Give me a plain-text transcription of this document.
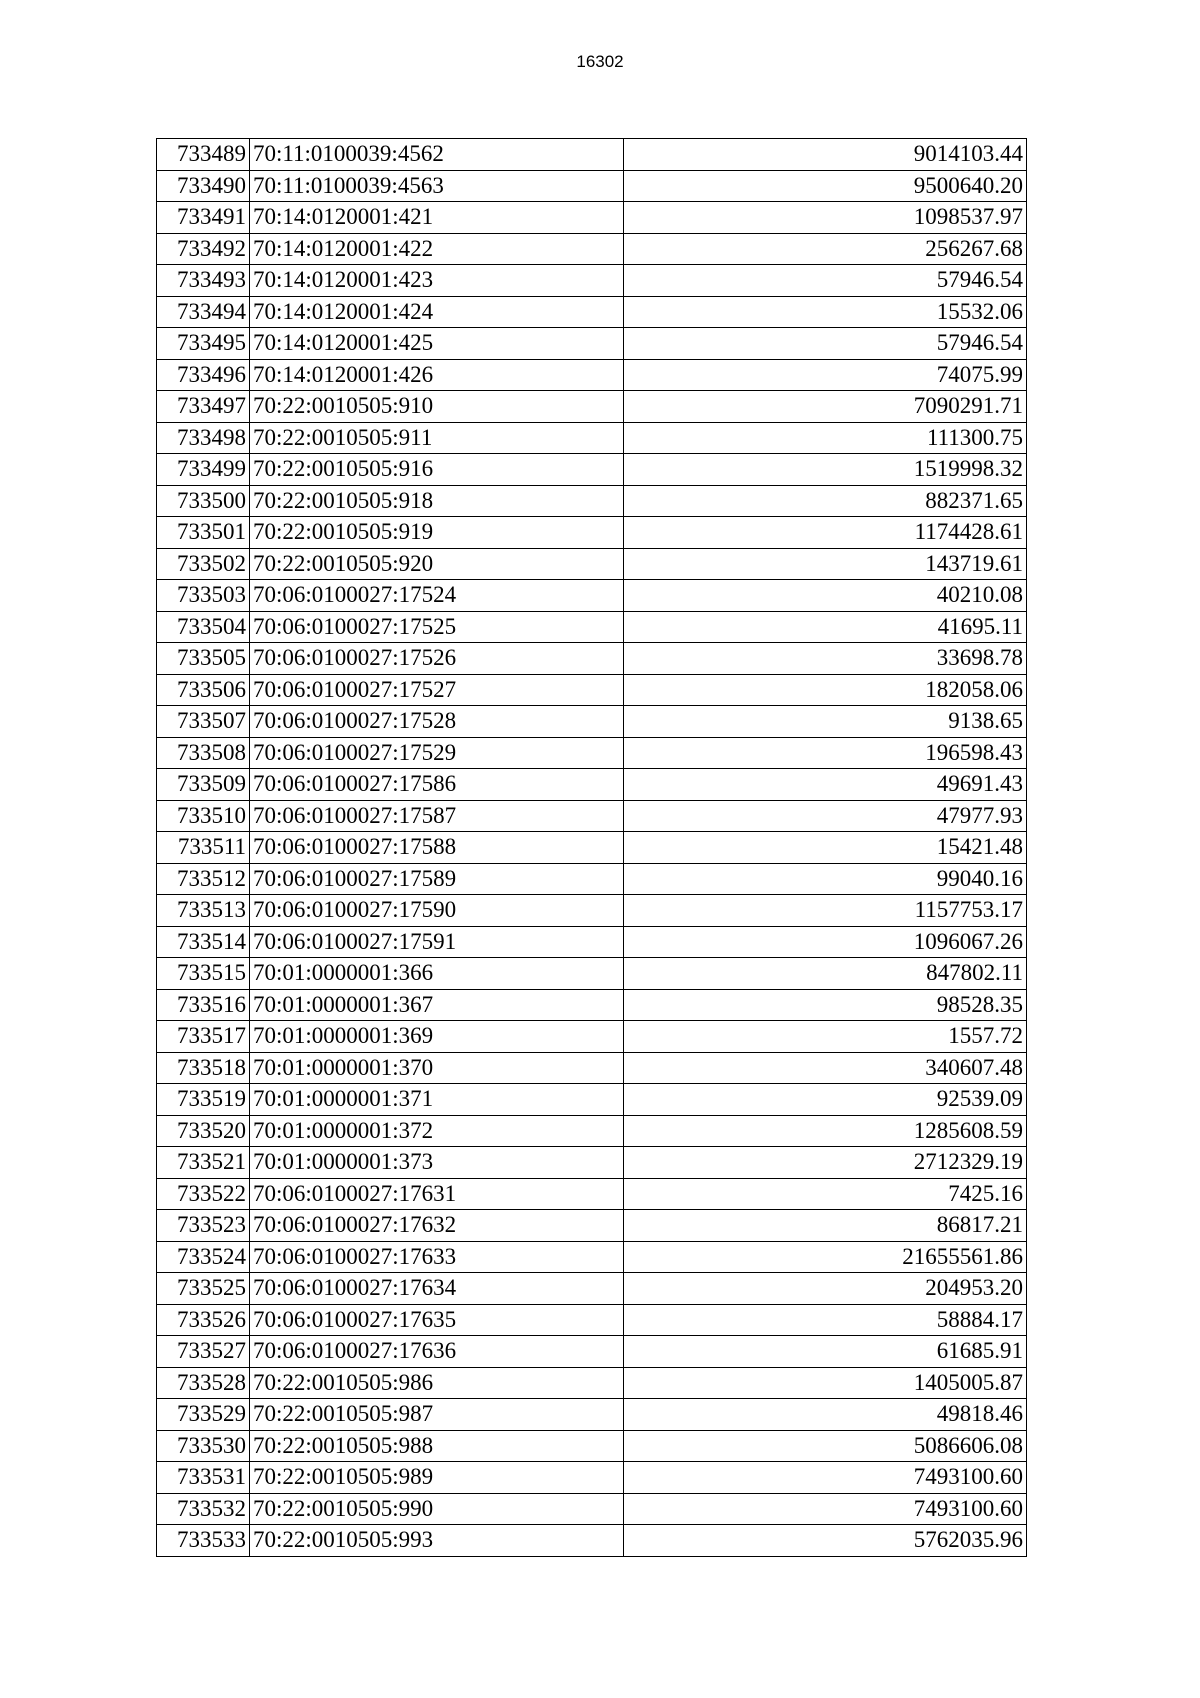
16302
733489	70:11:0100039:4562	9014103.44
733490	70:11:0100039:4563	9500640.20
733491	70:14:0120001:421	1098537.97
733492	70:14:0120001:422	256267.68
733493	70:14:0120001:423	57946.54
733494	70:14:0120001:424	15532.06
733495	70:14:0120001:425	57946.54
733496	70:14:0120001:426	74075.99
733497	70:22:0010505:910	7090291.71
733498	70:22:0010505:911	111300.75
733499	70:22:0010505:916	1519998.32
733500	70:22:0010505:918	882371.65
733501	70:22:0010505:919	1174428.61
733502	70:22:0010505:920	143719.61
733503	70:06:0100027:17524	40210.08
733504	70:06:0100027:17525	41695.11
733505	70:06:0100027:17526	33698.78
733506	70:06:0100027:17527	182058.06
733507	70:06:0100027:17528	9138.65
733508	70:06:0100027:17529	196598.43
733509	70:06:0100027:17586	49691.43
733510	70:06:0100027:17587	47977.93
733511	70:06:0100027:17588	15421.48
733512	70:06:0100027:17589	99040.16
733513	70:06:0100027:17590	1157753.17
733514	70:06:0100027:17591	1096067.26
733515	70:01:0000001:366	847802.11
733516	70:01:0000001:367	98528.35
733517	70:01:0000001:369	1557.72
733518	70:01:0000001:370	340607.48
733519	70:01:0000001:371	92539.09
733520	70:01:0000001:372	1285608.59
733521	70:01:0000001:373	2712329.19
733522	70:06:0100027:17631	7425.16
733523	70:06:0100027:17632	86817.21
733524	70:06:0100027:17633	21655561.86
733525	70:06:0100027:17634	204953.20
733526	70:06:0100027:17635	58884.17
733527	70:06:0100027:17636	61685.91
733528	70:22:0010505:986	1405005.87
733529	70:22:0010505:987	49818.46
733530	70:22:0010505:988	5086606.08
733531	70:22:0010505:989	7493100.60
733532	70:22:0010505:990	7493100.60
733533	70:22:0010505:993	5762035.96
